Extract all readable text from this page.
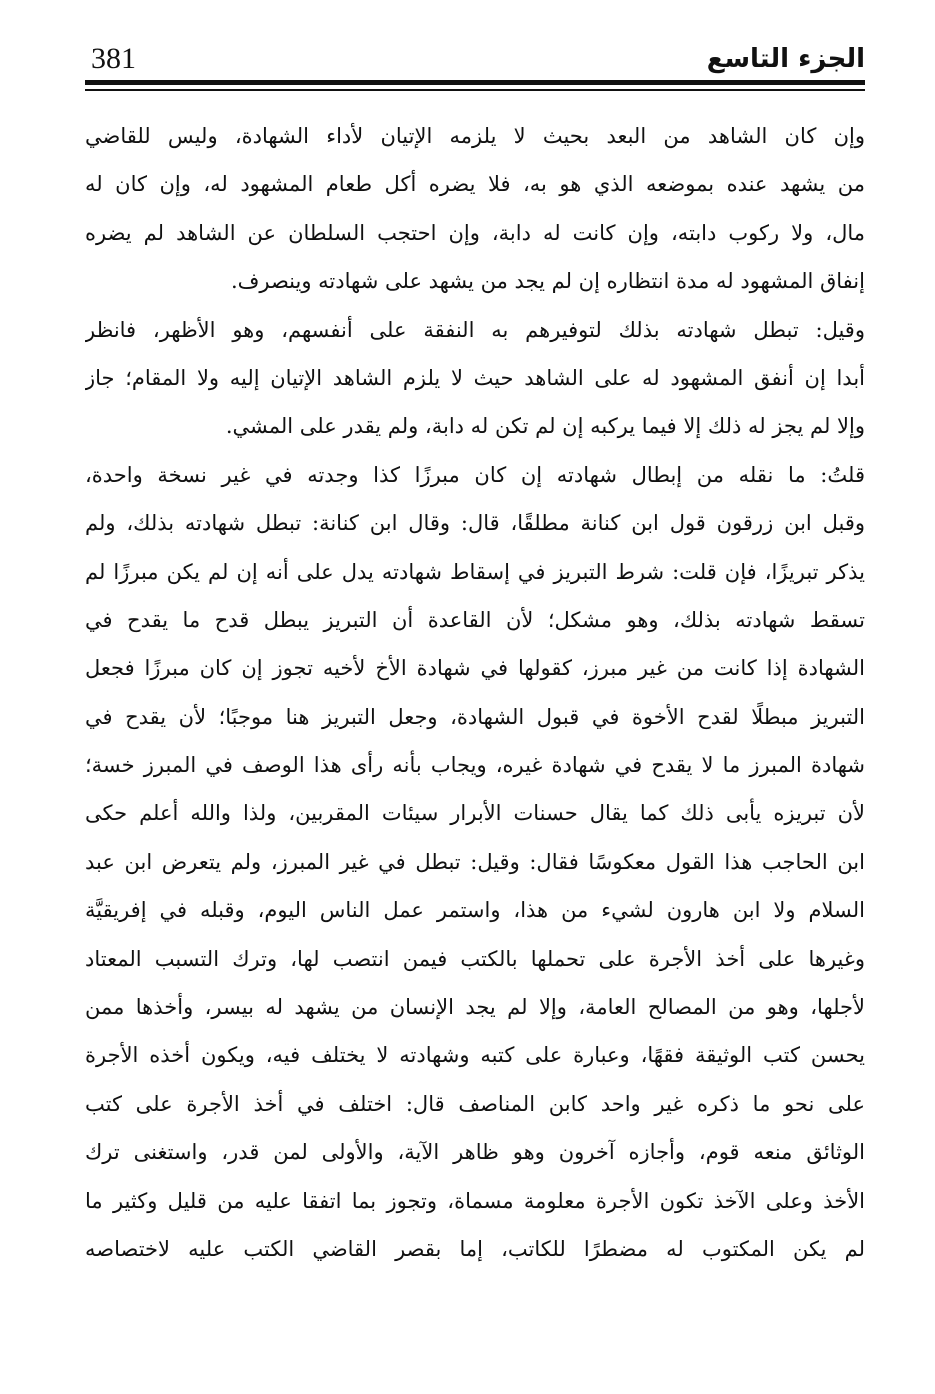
381	الجزء التاسع
وإن كان الشاهد من البعد بحيث لا يلزمه الإتيان لأداء الشهادة، وليس للقاضي
من يشهد عنده بموضعه الذي هو به، فلا يضره أكل طعام المشهود له، وإن كان له
مال، ولا ركوب دابته، وإن كانت له دابة، وإن احتجب السلطان عن الشاهد لم يضره
إنفاق المشهود له مدة انتظاره إن لم يجد من يشهد على شهادته وينصرف.
وقيل: تبطل شهادته بذلك لتوفيرهم به النفقة على أنفسهم، وهو الأظهر، فانظر
أبدا إن أنفق المشهود له على الشاهد حيث لا يلزم الشاهد الإتيان إليه ولا المقام؛ جاز
وإلا لم يجز له ذلك إلا فيما يركبه إن لم تكن له دابة، ولم يقدر على المشي.
قلتُ: ما نقله من إبطال شهادته إن كان مبرزًا كذا وجدته في غير نسخة واحدة،
وقبل ابن زرقون قول ابن كنانة مطلقًا، قال: وقال ابن كنانة: تبطل شهادته بذلك، ولم
يذكر تبريزًا، فإن قلت: شرط التبريز في إسقاط شهادته يدل على أنه إن لم يكن مبرزًا لم
تسقط شهادته بذلك، وهو مشكل؛ لأن القاعدة أن التبريز يبطل قدح ما يقدح في
الشهادة إذا كانت من غير مبرز، كقولها في شهادة الأخ لأخيه تجوز إن كان مبرزًا فجعل
التبريز مبطلًا لقدح الأخوة في قبول الشهادة، وجعل التبريز هنا موجبًا؛ لأن يقدح في
شهادة المبرز ما لا يقدح في شهادة غيره، ويجاب بأنه رأى هذا الوصف في المبرز خسة؛
لأن تبريزه يأبى ذلك كما يقال حسنات الأبرار سيئات المقربين، ولذا والله أعلم حكى
ابن الحاجب هذا القول معكوسًا فقال: وقيل: تبطل في غير المبرز، ولم يتعرض ابن عبد
السلام ولا ابن هارون لشيء من هذا، واستمر عمل الناس اليوم، وقبله في إفريقيَّة
وغيرها على أخذ الأجرة على تحملها بالكتب فيمن انتصب لها، وترك التسبب المعتاد
لأجلها، وهو من المصالح العامة، وإلا لم يجد الإنسان من يشهد له بيسر، وأخذها ممن
يحسن كتب الوثيقة فقهًا، وعبارة على كتبه وشهادته لا يختلف فيه، ويكون أخذه الأجرة
على نحو ما ذكره غير واحد كابن المناصف قال: اختلف في أخذ الأجرة على كتب
الوثائق منعه قوم، وأجازه آخرون وهو ظاهر الآية، والأولى لمن قدر، واستغنى ترك
الأخذ وعلى الآخذ تكون الأجرة معلومة مسماة، وتجوز بما اتفقا عليه من قليل وكثير ما
لم يكن المكتوب له مضطرًا للكاتب، إما بقصر القاضي الكتب عليه لاختصاصه
